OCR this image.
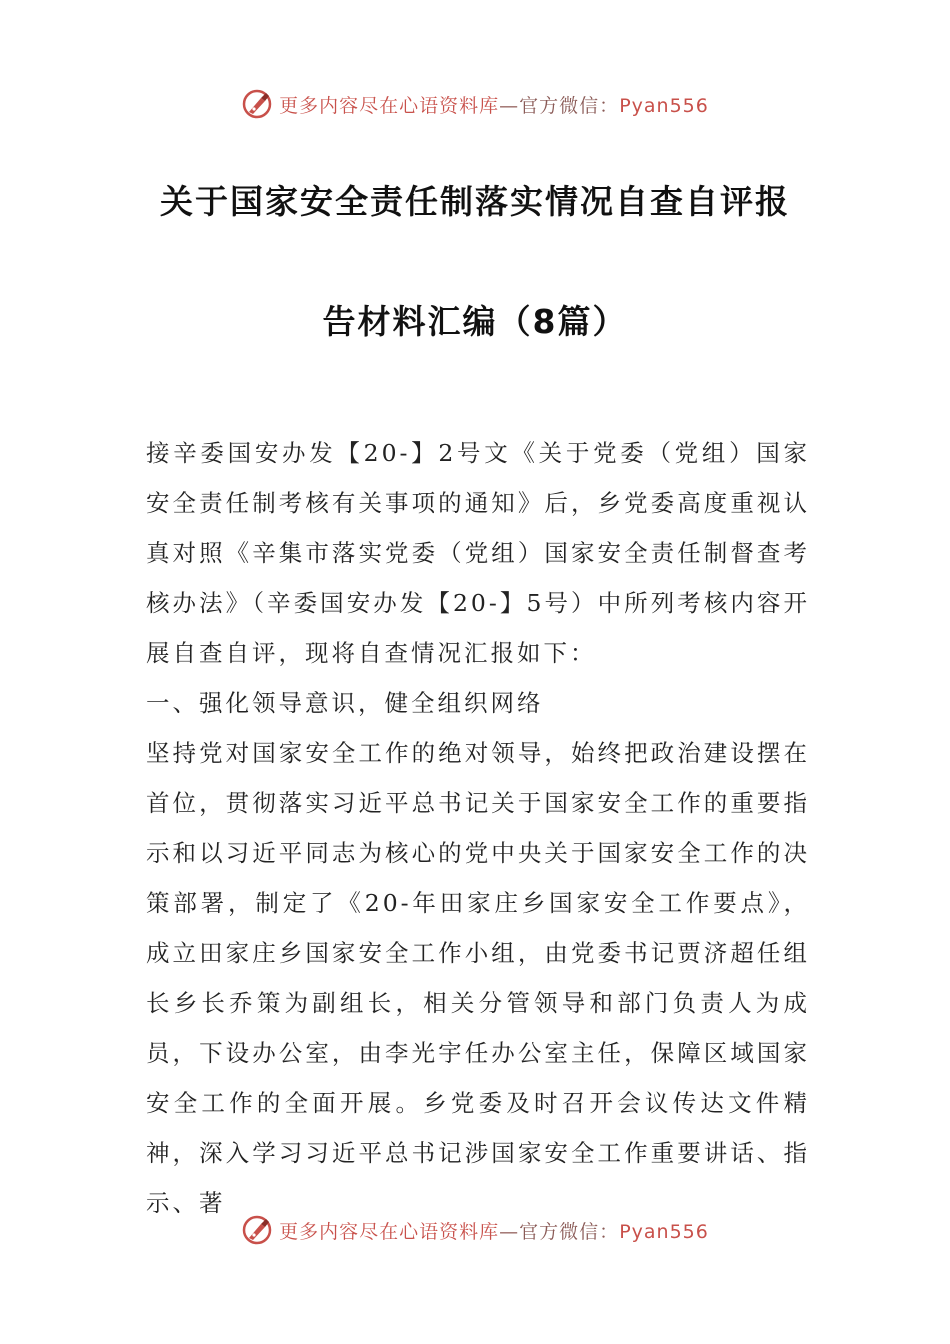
更多内容尽在心语资料库—官方微信：Pyan556
关于国家安全责任制落实情况自查自评报
告材料汇编（8篇）

接辛委国安办发【20-】2号文《关于党委（党组）国家安全责任制考核有关事项的通知》后，乡党委高度重视认真对照《辛集市落实党委（党组）国家安全责任制督查考核办法》（辛委国安办发【20-】5号）中所列考核内容开展自查自评，现将自查情况汇报如下：

一、强化领导意识，健全组织网络

坚持党对国家安全工作的绝对领导，始终把政治建设摆在首位，贯彻落实习近平总书记关于国家安全工作的重要指示和以习近平同志为核心的党中央关于国家安全工作的决策部署，制定了《20-年田家庄乡国家安全工作要点》，成立田家庄乡国家安全工作小组，由党委书记贾济超任组长乡长乔策为副组长，相关分管领导和部门负责人为成员，下设办公室，由李光宇任办公室主任，保障区域国家安全工作的全面开展。乡党委及时召开会议传达文件精神，深入学习习近平总书记涉国家安全工作重要讲话、指示、著

更多内容尽在心语资料库—官方微信：Pyan556
